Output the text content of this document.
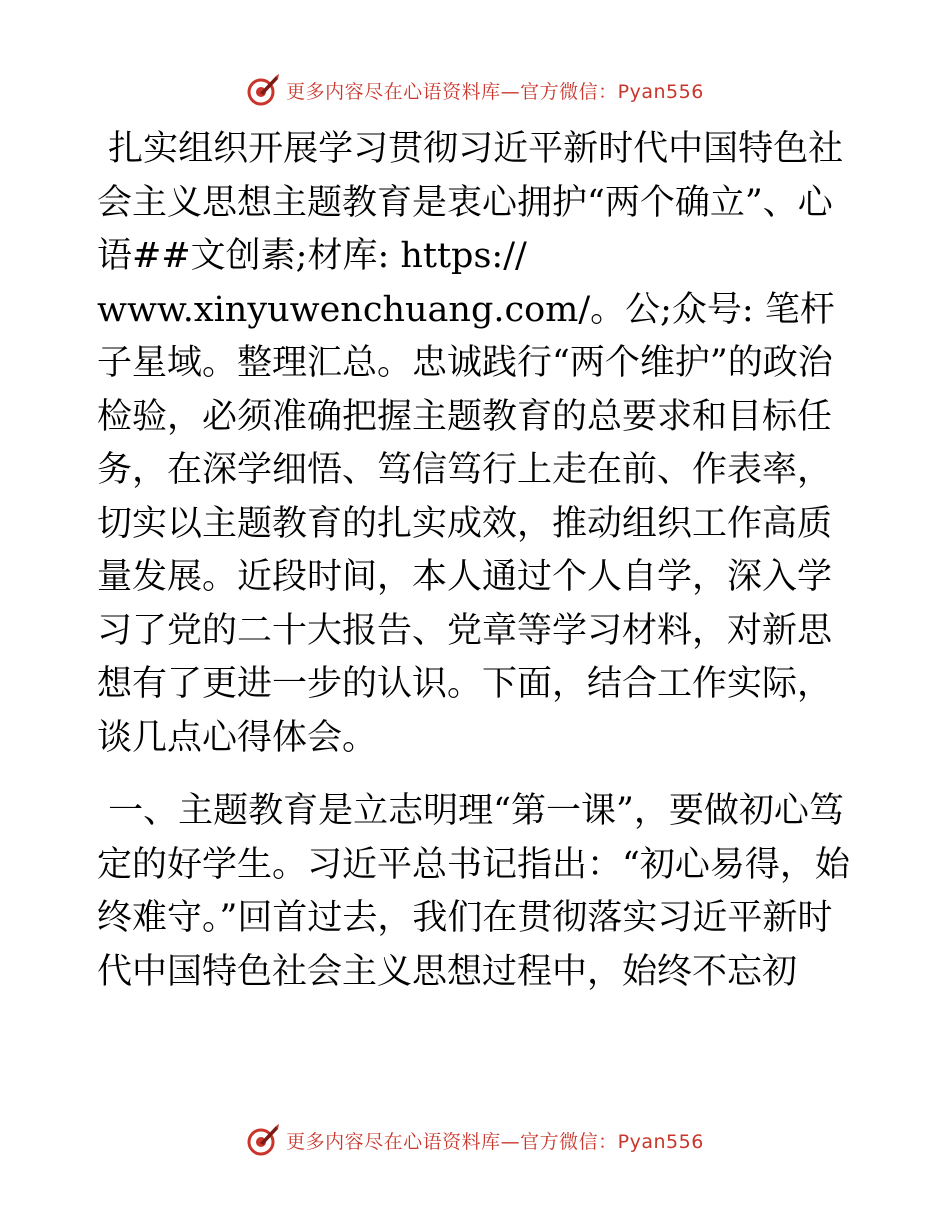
更多内容尽在心语资料库—官方微信：Pyan556

扎实组织开展学习贯彻习近平新时代中国特色社会主义思想主题教育是衷心拥护“两个确立”、心语##文创素;材库: https://
www.xinyuwenchuang.com/。公;众号: 笔杆子星域。整理汇总。忠诚践行“两个维护”的政治检验，必须准确把握主题教育的总要求和目标任务，在深学细悟、笃信笃行上走在前、作表率，切实以主题教育的扎实成效，推动组织工作高质量发展。近段时间，本人通过个人自学，深入学习了党的二十大报告、党章等学习材料，对新思想有了更进一步的认识。下面，结合工作实际，谈几点心得体会。

一、主题教育是立志明理“第一课”，要做初心笃定的好学生。习近平总书记指出：“初心易得，始终难守。”回首过去，我们在贯彻落实习近平新时代中国特色社会主义思想过程中，始终不忘初

更多内容尽在心语资料库—官方微信：Pyan556
